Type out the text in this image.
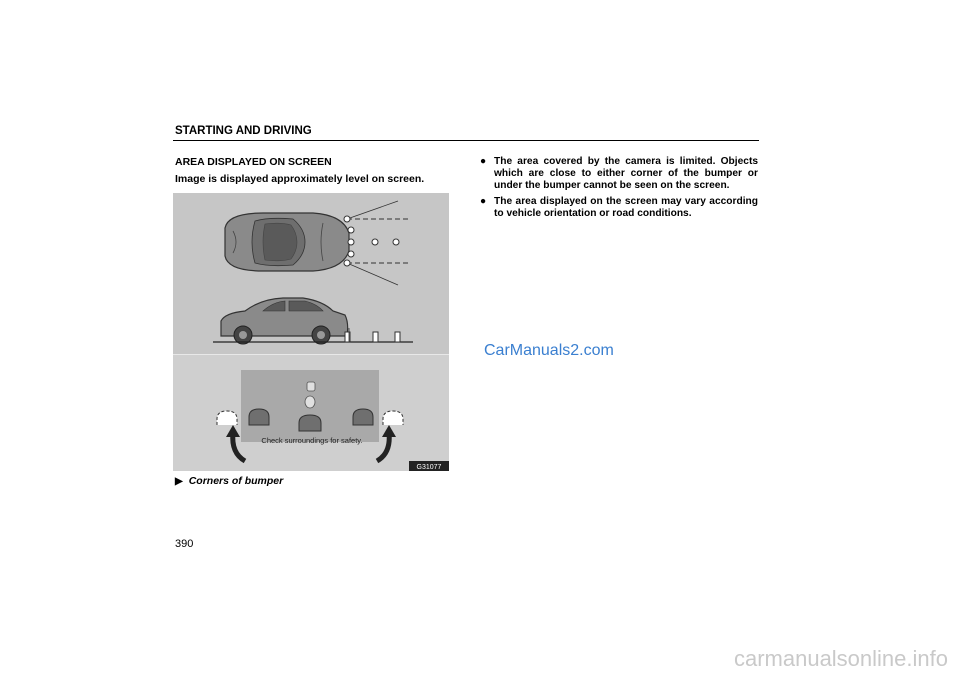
STARTING AND DRIVING
AREA DISPLAYED ON SCREEN
Image is displayed approximately level on screen.
Check surroundings for safety.
G31077
▶ Corners of bumper
● The area covered by the camera is limited. Objects which are close to either corner of the bumper or under the bumper cannot be seen on the screen.
● The area displayed on the screen may vary according to vehicle orientation or road conditions.
CarManuals2.com
390
carmanualsonline.info
